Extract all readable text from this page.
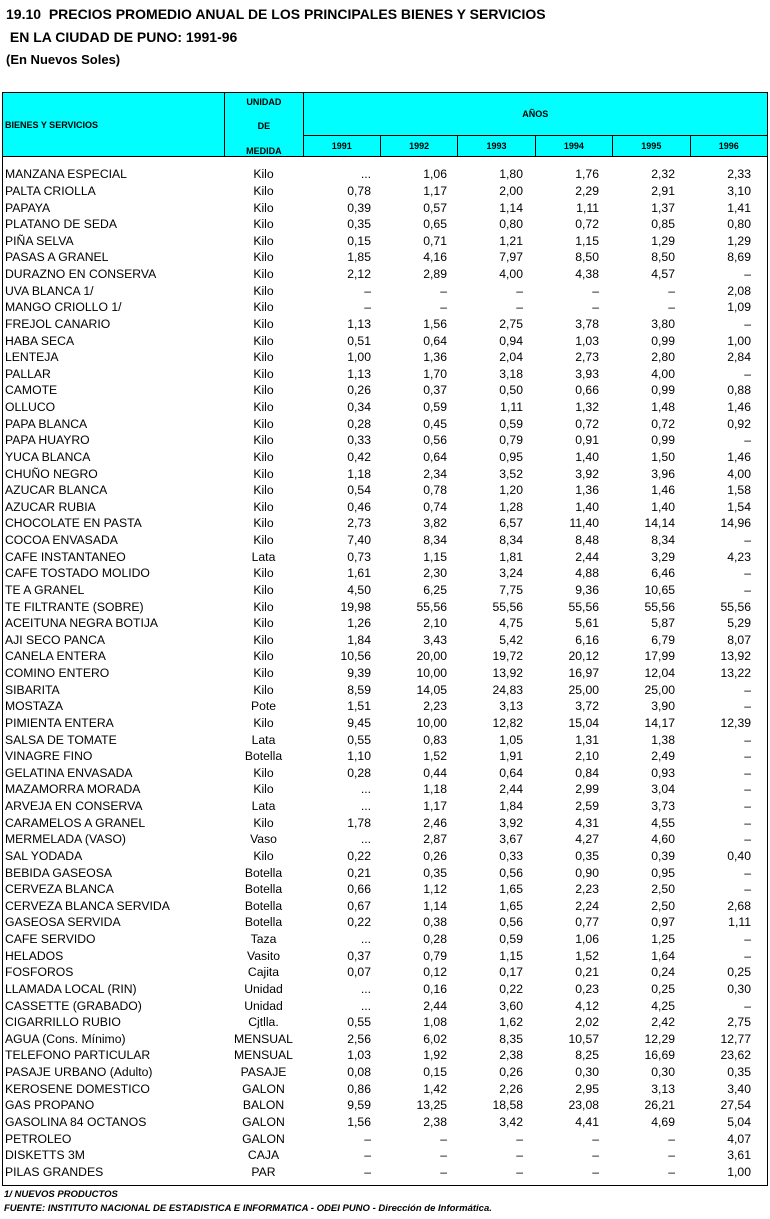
19.10  PRECIOS PROMEDIO ANUAL DE LOS PRINCIPALES BIENES Y SERVICIOS
EN LA CIUDAD DE PUNO: 1991-96
(En Nuevos Soles)
BIENES Y SERVICIOS	UNIDAD
DE
MEDIDA	AÑOS					
		1991	1992	1993	1994	1995	1996
MANZANA ESPECIAL	Kilo	...	1,06	1,80	1,76	2,32	2,33
PALTA CRIOLLA	Kilo	0,78	1,17	2,00	2,29	2,91	3,10
PAPAYA	Kilo	0,39	0,57	1,14	1,11	1,37	1,41
PLATANO DE SEDA	Kilo	0,35	0,65	0,80	0,72	0,85	0,80
PIÑA SELVA	Kilo	0,15	0,71	1,21	1,15	1,29	1,29
PASAS A GRANEL	Kilo	1,85	4,16	7,97	8,50	8,50	8,69
DURAZNO EN CONSERVA	Kilo	2,12	2,89	4,00	4,38	4,57	–
UVA BLANCA 1/	Kilo	–	–	–	–	–	2,08
MANGO CRIOLLO 1/	Kilo	–	–	–	–	–	1,09
FREJOL CANARIO	Kilo	1,13	1,56	2,75	3,78	3,80	–
HABA SECA	Kilo	0,51	0,64	0,94	1,03	0,99	1,00
LENTEJA	Kilo	1,00	1,36	2,04	2,73	2,80	2,84
PALLAR	Kilo	1,13	1,70	3,18	3,93	4,00	–
CAMOTE	Kilo	0,26	0,37	0,50	0,66	0,99	0,88
OLLUCO	Kilo	0,34	0,59	1,11	1,32	1,48	1,46
PAPA BLANCA	Kilo	0,28	0,45	0,59	0,72	0,72	0,92
PAPA HUAYRO	Kilo	0,33	0,56	0,79	0,91	0,99	–
YUCA BLANCA	Kilo	0,42	0,64	0,95	1,40	1,50	1,46
CHUÑO NEGRO	Kilo	1,18	2,34	3,52	3,92	3,96	4,00
AZUCAR BLANCA	Kilo	0,54	0,78	1,20	1,36	1,46	1,58
AZUCAR RUBIA	Kilo	0,46	0,74	1,28	1,40	1,40	1,54
CHOCOLATE EN PASTA	Kilo	2,73	3,82	6,57	11,40	14,14	14,96
COCOA ENVASADA	Kilo	7,40	8,34	8,34	8,48	8,34	–
CAFE INSTANTANEO	Lata	0,73	1,15	1,81	2,44	3,29	4,23
CAFE TOSTADO MOLIDO	Kilo	1,61	2,30	3,24	4,88	6,46	–
TE A GRANEL	Kilo	4,50	6,25	7,75	9,36	10,65	–
TE FILTRANTE (SOBRE)	Kilo	19,98	55,56	55,56	55,56	55,56	55,56
ACEITUNA NEGRA BOTIJA	Kilo	1,26	2,10	4,75	5,61	5,87	5,29
AJI SECO PANCA	Kilo	1,84	3,43	5,42	6,16	6,79	8,07
CANELA ENTERA	Kilo	10,56	20,00	19,72	20,12	17,99	13,92
COMINO ENTERO	Kilo	9,39	10,00	13,92	16,97	12,04	13,22
SIBARITA	Kilo	8,59	14,05	24,83	25,00	25,00	–
MOSTAZA	Pote	1,51	2,23	3,13	3,72	3,90	–
PIMIENTA ENTERA	Kilo	9,45	10,00	12,82	15,04	14,17	12,39
SALSA DE TOMATE	Lata	0,55	0,83	1,05	1,31	1,38	–
VINAGRE FINO	Botella	1,10	1,52	1,91	2,10	2,49	–
GELATINA ENVASADA	Kilo	0,28	0,44	0,64	0,84	0,93	–
MAZAMORRA MORADA	Kilo	...	1,18	2,44	2,99	3,04	–
ARVEJA EN CONSERVA	Lata	...	1,17	1,84	2,59	3,73	–
CARAMELOS A GRANEL	Kilo	1,78	2,46	3,92	4,31	4,55	–
MERMELADA (VASO)	Vaso	...	2,87	3,67	4,27	4,60	–
SAL YODADA	Kilo	0,22	0,26	0,33	0,35	0,39	0,40
BEBIDA GASEOSA	Botella	0,21	0,35	0,56	0,90	0,95	–
CERVEZA BLANCA	Botella	0,66	1,12	1,65	2,23	2,50	–
CERVEZA BLANCA SERVIDA	Botella	0,67	1,14	1,65	2,24	2,50	2,68
GASEOSA SERVIDA	Botella	0,22	0,38	0,56	0,77	0,97	1,11
CAFE SERVIDO	Taza	...	0,28	0,59	1,06	1,25	–
HELADOS	Vasito	0,37	0,79	1,15	1,52	1,64	–
FOSFOROS	Cajita	0,07	0,12	0,17	0,21	0,24	0,25
LLAMADA LOCAL (RIN)	Unidad	...	0,16	0,22	0,23	0,25	0,30
CASSETTE (GRABADO)	Unidad	...	2,44	3,60	4,12	4,25	–
CIGARRILLO RUBIO	Cjtlla.	0,55	1,08	1,62	2,02	2,42	2,75
AGUA (Cons. Mínimo)	MENSUAL	2,56	6,02	8,35	10,57	12,29	12,77
TELEFONO PARTICULAR	MENSUAL	1,03	1,92	2,38	8,25	16,69	23,62
PASAJE URBANO (Adulto)	PASAJE	0,08	0,15	0,26	0,30	0,30	0,35
KEROSENE DOMESTICO	GALON	0,86	1,42	2,26	2,95	3,13	3,40
GAS PROPANO	BALON	9,59	13,25	18,58	23,08	26,21	27,54
GASOLINA 84 OCTANOS	GALON	1,56	2,38	3,42	4,41	4,69	5,04
PETROLEO	GALON	–	–	–	–	–	4,07
DISKETTS 3M	CAJA	–	–	–	–	–	3,61
PILAS GRANDES	PAR	–	–	–	–	–	1,00
1/ NUEVOS PRODUCTOS
FUENTE: INSTITUTO NACIONAL DE ESTADISTICA E INFORMATICA - ODEI PUNO - Dirección de Informática.
